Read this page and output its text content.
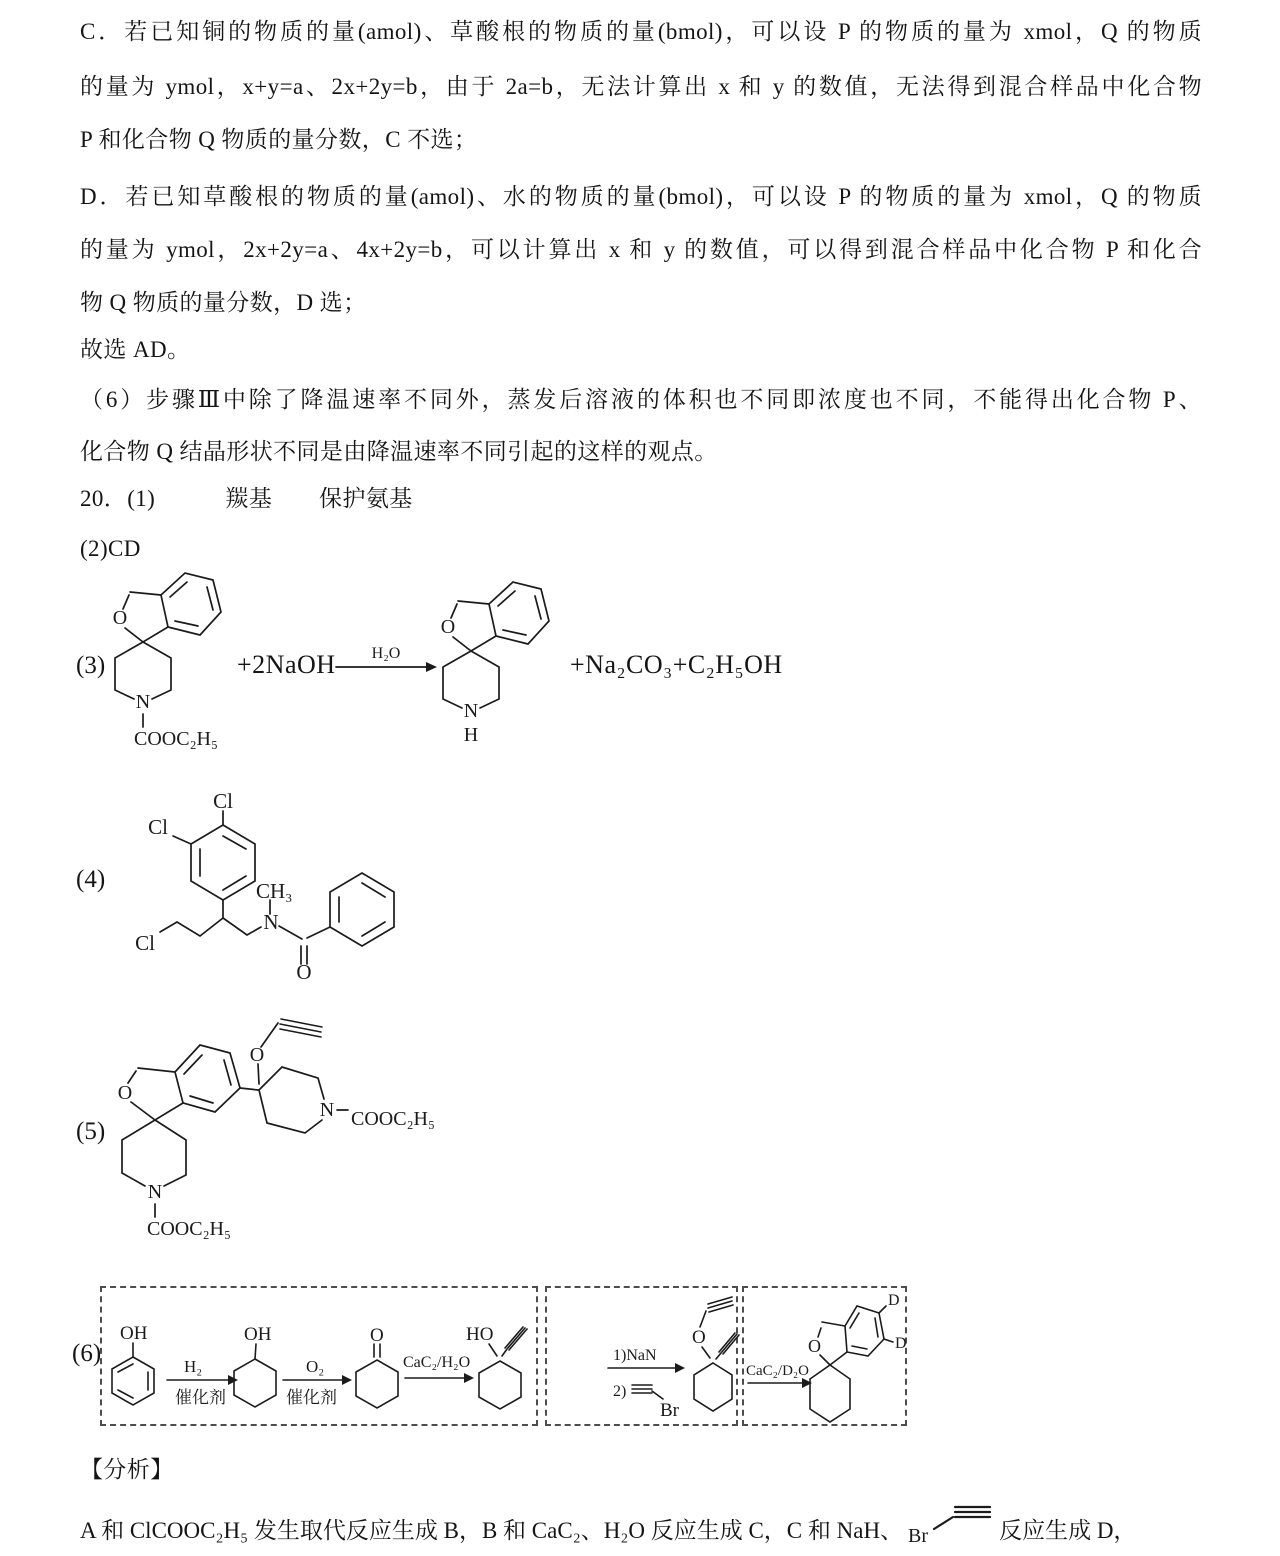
C．若已知铜的物质的量(amol)、草酸根的物质的量(bmol)，可以设 P 的物质的量为 xmol，Q 的物质
的量为 ymol，x+y=a、2x+2y=b，由于 2a=b，无法计算出 x 和 y 的数值，无法得到混合样品中化合物
P 和化合物 Q 物质的量分数，C 不选；
D．若已知草酸根的物质的量(amol)、水的物质的量(bmol)，可以设 P 的物质的量为 xmol，Q 的物质
的量为 ymol，2x+2y=a、4x+2y=b，可以计算出 x 和 y 的数值，可以得到混合样品中化合物 P 和化合
物 Q 物质的量分数，D 选；
故选 AD。
（6）步骤Ⅲ中除了降温速率不同外，蒸发后溶液的体积也不同即浓度也不同，不能得出化合物 P、
化合物 Q 结晶形状不同是由降温速率不同引起的这样的观点。
20．(1)　　　羰基　　保护氨基
(2)CD
(3)
O
N
COOC₂H₅
+2NaOH H₂O
O
N
H
+Na₂CO₃+C₂H₅OH
(4)
Cl
Cl
Cl
CH₃
N
O
(5)
O
N
COOC₂H₅
O
N COOC₂H₅
(6)
OH
H₂
催化剂
OH
O₂
催化剂
O
CaC₂/H₂O
HO
1)NaN
2)
Br
O
CaC₂/D₂O
O
D
D
【分析】
A 和 ClCOOC₂H₅ 发生取代反应生成 B，B 和 CaC₂、H₂O 反应生成 C，C 和 NaH、 Br	反应生成 D，
